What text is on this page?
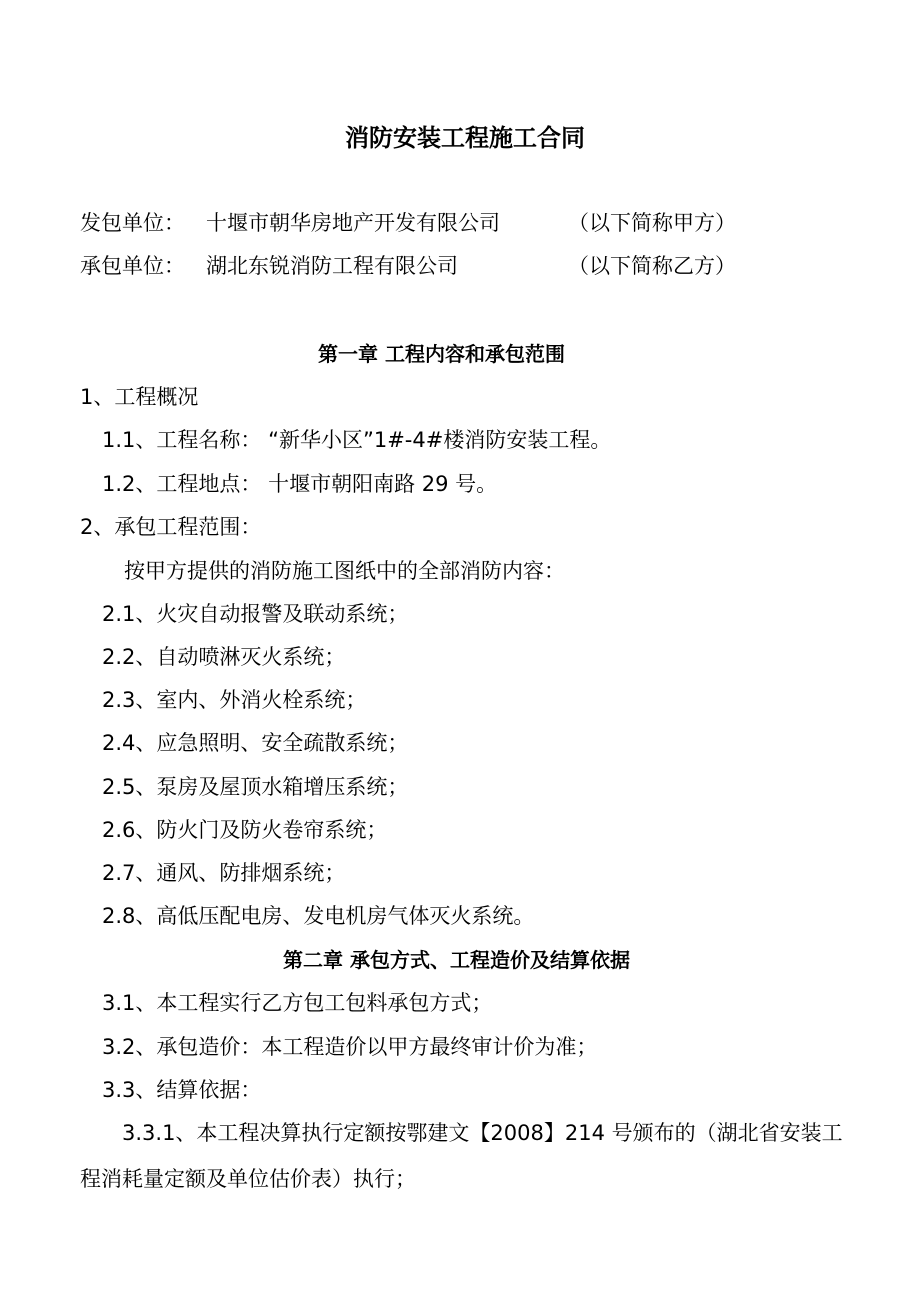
消防安装工程施工合同
发包单位： 十堰市朝华房地产开发有限公司	（以下简称甲方）
承包单位： 湖北东锐消防工程有限公司	（以下简称乙方）
第一章 工程内容和承包范围
1、工程概况
1.1、工程名称： “新华小区”1#-4#楼消防安装工程。
1.2、工程地点： 十堰市朝阳南路 29 号。
2、承包工程范围：
按甲方提供的消防施工图纸中的全部消防内容：
2.1、火灾自动报警及联动系统；
2.2、自动喷淋灭火系统；
2.3、室内、外消火栓系统；
2.4、应急照明、安全疏散系统；
2.5、泵房及屋顶水箱增压系统；
2.6、防火门及防火卷帘系统；
2.7、通风、防排烟系统；
2.8、高低压配电房、发电机房气体灭火系统。
第二章 承包方式、工程造价及结算依据
3.1、本工程实行乙方包工包料承包方式；
3.2、承包造价：本工程造价以甲方最终审计价为准；
3.3、结算依据：
3.3.1、本工程决算执行定额按鄂建文【2008】214 号颁布的（湖北省安装工
程消耗量定额及单位估价表）执行；
